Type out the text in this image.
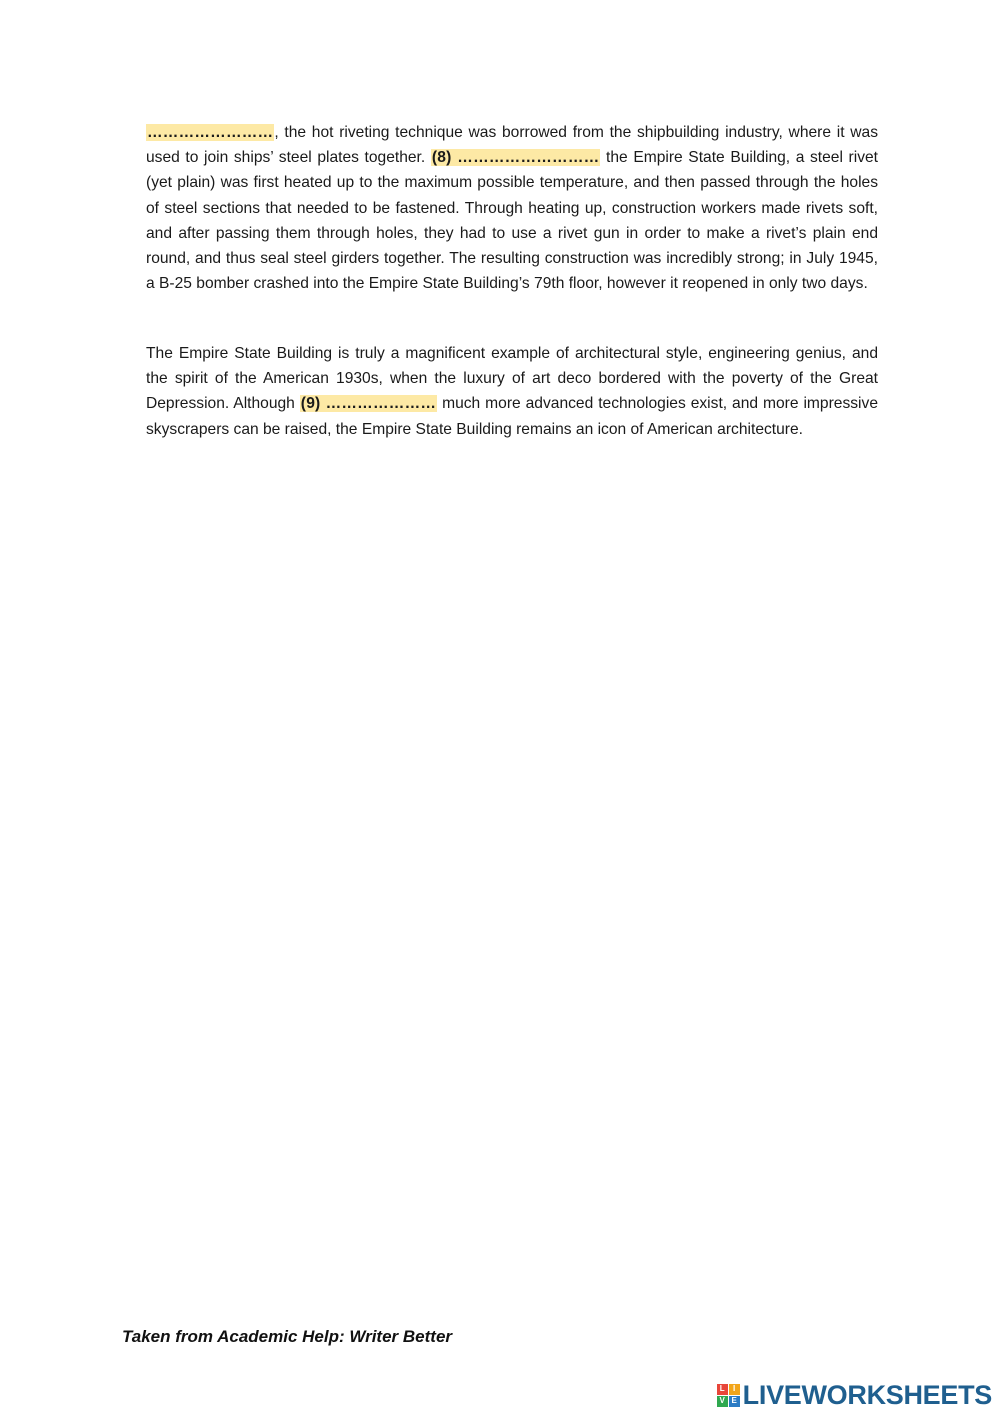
……………………, the hot riveting technique was borrowed from the shipbuilding industry, where it was used to join ships’ steel plates together. (8) ……………………… the Empire State Building, a steel rivet (yet plain) was first heated up to the maximum possible temperature, and then passed through the holes of steel sections that needed to be fastened. Through heating up, construction workers made rivets soft, and after passing them through holes, they had to use a rivet gun in order to make a rivet’s plain end round, and thus seal steel girders together. The resulting construction was incredibly strong; in July 1945, a B-25 bomber crashed into the Empire State Building’s 79th floor, however it reopened in only two days.

The Empire State Building is truly a magnificent example of architectural style, engineering genius, and the spirit of the American 1930s, when the luxury of art deco bordered with the poverty of the Great Depression. Although (9) ………………… much more advanced technologies exist, and more impressive skyscrapers can be raised, the Empire State Building remains an icon of American architecture.

Taken from Academic Help: Writer Better
L	I
V E LIVEWORKSHEETS
